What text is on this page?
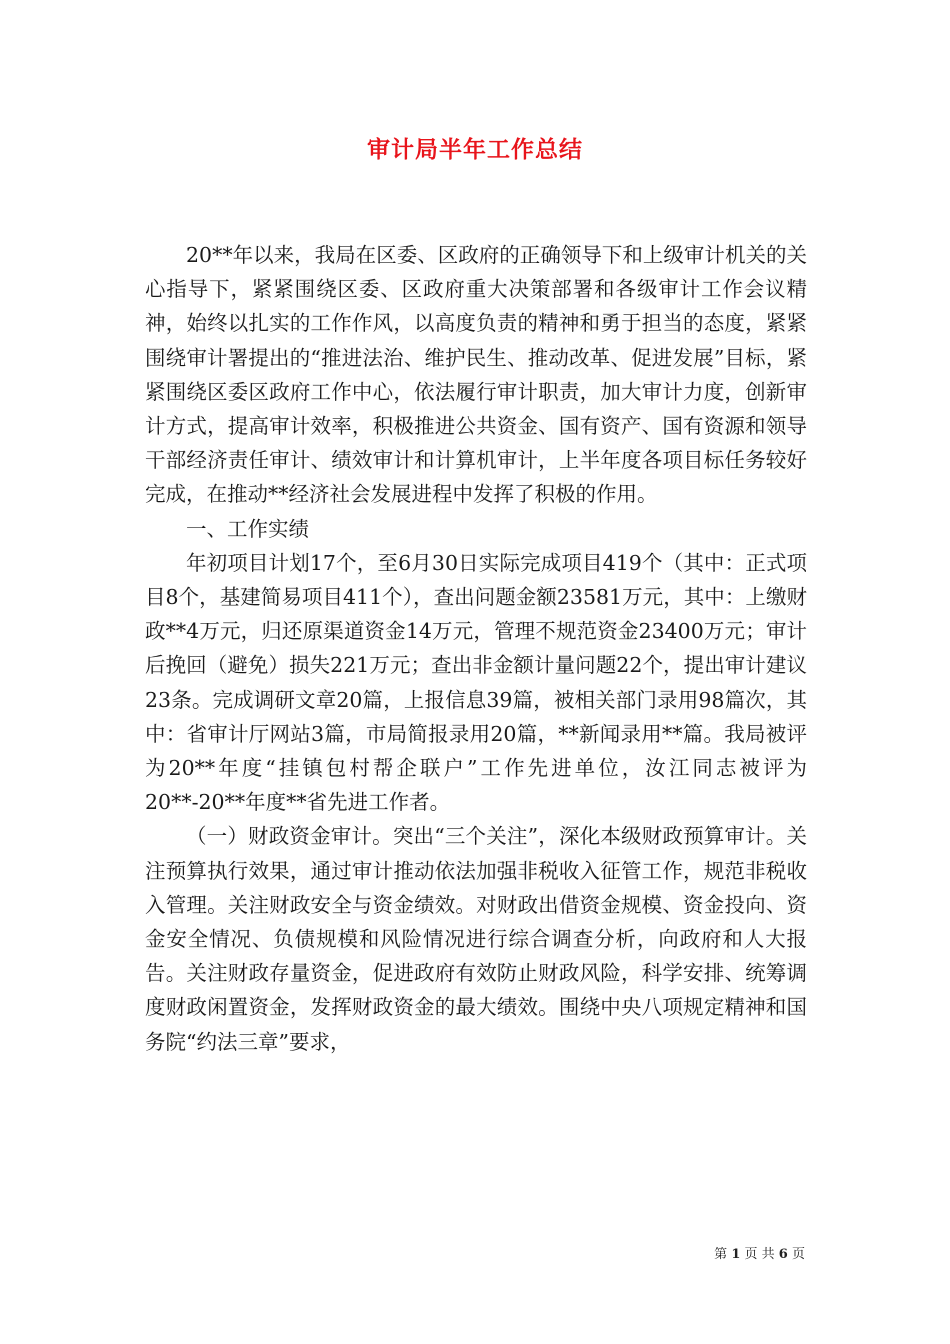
审计局半年工作总结

20**年以来，我局在区委、区政府的正确领导下和上级审计机关的关心指导下，紧紧围绕区委、区政府重大决策部署和各级审计工作会议精神，始终以扎实的工作作风，以高度负责的精神和勇于担当的态度，紧紧围绕审计署提出的“推进法治、维护民生、推动改革、促进发展”目标，紧紧围绕区委区政府工作中心，依法履行审计职责，加大审计力度，创新审计方式，提高审计效率，积极推进公共资金、国有资产、国有资源和领导干部经济责任审计、绩效审计和计算机审计，上半年度各项目标任务较好完成，在推动**经济社会发展进程中发挥了积极的作用。

一、工作实绩

年初项目计划17个，至6月30日实际完成项目419个（其中：正式项目8个，基建简易项目411个），查出问题金额23581万元，其中：上缴财政**4万元，归还原渠道资金14万元，管理不规范资金23400万元；审计后挽回（避免）损失221万元；查出非金额计量问题22个，提出审计建议23条。完成调研文章20篇，上报信息39篇，被相关部门录用98篇次，其中：省审计厅网站3篇，市局简报录用20篇，**新闻录用**篇。我局被评为20**年度“挂镇包村帮企联户”工作先进单位，汝江同志被评为20**-20**年度**省先进工作者。

（一）财政资金审计。突出“三个关注”，深化本级财政预算审计。关注预算执行效果，通过审计推动依法加强非税收入征管工作，规范非税收入管理。关注财政安全与资金绩效。对财政出借资金规模、资金投向、资金安全情况、负债规模和风险情况进行综合调查分析，向政府和人大报告。关注财政存量资金，促进政府有效防止财政风险，科学安排、统筹调度财政闲置资金，发挥财政资金的最大绩效。围绕中央八项规定精神和国务院“约法三章”要求，

第 1 页 共 6 页
